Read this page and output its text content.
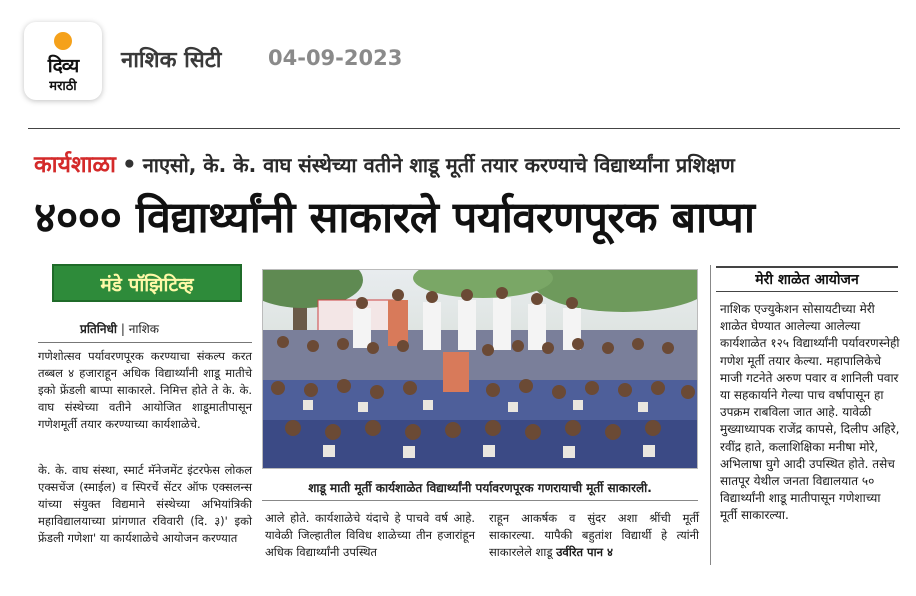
दिव्य
मराठी
नाशिक सिटी 04-09-2023
कार्यशाळा • नाएसो, के. के. वाघ संस्थेच्या वतीने शाडू मूर्ती तयार करण्याचे विद्यार्थ्यांना प्रशिक्षण
४००० विद्यार्थ्यांनी साकारले पर्यावरणपूरक बाप्पा
मंडे पॉझिटिव्ह
प्रतिनिधी | नाशिक

गणेशोत्सव पर्यावरणपूरक करण्याचा संकल्प करत तब्बल ४ हजाराहून अधिक विद्यार्थ्यांनी शाडू मातीचे इको फ्रेंडली बाप्पा साकारले. निमित्त होते ते के. के. वाघ संस्थेच्या वतीने आयोजित शाडूमातीपासून गणेशमूर्ती तयार करण्याच्या कार्यशाळेचे.

के. के. वाघ संस्था, स्मार्ट मॅनेजमेंट इंटरफेस लोकल एक्सचेंज (स्माईल) व स्पिरचेंं सेंटर ऑफ एक्सलन्स यांच्या संयुक्त विद्यमाने संस्थेच्या अभियांत्रिकी महाविद्यालयाच्या प्रांगणात रविवारी (दि. ३)' इको फ्रेंडली गणेशा' या कार्यशाळेचे आयोजन करण्यात

शाडू माती मूर्ती कार्यशाळेत विद्यार्थ्यांनी पर्यावरणपूरक गणरायाची मूर्ती साकारली.

आले होते. कार्यशाळेचे यंदाचे हे पाचवे वर्ष आहे. यावेळी जिल्हातील विविध शाळेच्या तीन हजारांहून अधिक विद्यार्थ्यांनी उपस्थित

राहून आकर्षक व सुंदर अशा श्रींची मूर्ती साकारल्या. यापैकी बहुतांश विद्यार्थी हे त्यांनी साकारलेले शाडू उर्वरित पान ४

मेरी शाळेत आयोजन

नाशिक एज्युकेशन सोसायटीच्या मेरी शाळेत घेण्यात आलेल्या आलेल्या कार्यशाळेत १२५ विद्यार्थ्यांनी पर्यावरणस्नेही गणेश मूर्ती तयार केल्या. महापालिकेचे माजी गटनेते अरुण पवार व शानिली पवार या सहकार्याने गेल्या पाच वर्षापासून हा उपक्रम राबविला जात आहे. यावेळी मुख्याध्यापक राजेंद्र कापसे, दिलीप अहिरे, रवींद्र हाते, कलाशिक्षिका मनीषा मोरे, अभिलाषा घुगे आदी उपस्थित होते. तसेच सातपूर येथील जनता विद्यालयात ५० विद्यार्थ्यांनी शाडू मातीपासून गणेशाच्या मूर्ती साकारल्या.
